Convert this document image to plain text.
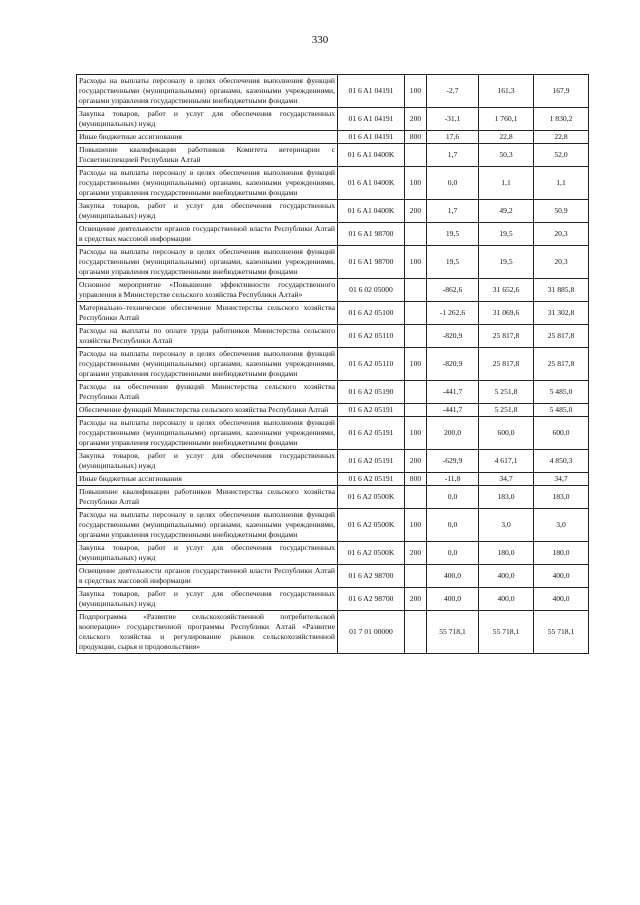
330
Расходы на выплаты персоналу в целях обеспечения выполнения функций государственными (муниципальными) органами, казенными учреждениями, органами управления государственными внебюджетными фондами	01 6 A1 04191	100	-2,7	161,3	167,9
Закупка товаров, работ и услуг для обеспечения государственных (муниципальных) нужд	01 6 A1 04191	200	-31,1	1 760,1	1 830,2
Иные бюджетные ассигнования	01 6 A1 04191	800	17,6	22,8	22,8
Повышение квалификации работников Комитета ветеринарии с Госветинспекцией Республики Алтай	01 6 A1 0400K		1,7	50,3	52,0
Расходы на выплаты персоналу в целях обеспечения выполнения функций государственными (муниципальными) органами, казенными учреждениями, органами управления государственными внебюджетными фондами	01 6 A1 0400K	100	0,0	1,1	1,1
Закупка товаров, работ и услуг для обеспечения государственных (муниципальных) нужд	01 6 A1 0400K	200	1,7	49,2	50,9
Освещение деятельности органов государственной власти Республики Алтай в средствах массовой информации	01 6 A1 98700		19,5	19,5	20,3
Расходы на выплаты персоналу в целях обеспечения выполнения функций государственными (муниципальными) органами, казенными учреждениями, органами управления государственными внебюджетными фондами	01 6 A1 98700	100	19,5	19,5	20,3
Основное мероприятие «Повышение эффективности государственного управления в Министерстве сельского хозяйства Республики Алтай»	01 6 02 05000		-862,6	31 652,6	31 885,8
Материально–техническое обеспечение Министерства сельского хозяйства Республики Алтай	01 6 A2 05100		-1 262,6	31 069,6	31 302,8
Расходы на выплаты по оплате труда работников Министерства сельского хозяйства Республики Алтай	01 6 A2 05110		-820,9	25 817,8	25 817,8
Расходы на выплаты персоналу в целях обеспечения выполнения функций государственными (муниципальными) органами, казенными учреждениями, органами управления государственными внебюджетными фондами	01 6 A2 05110	100	-820,9	25 817,8	25 817,8
Расходы на обеспечение функций Министерства сельского хозяйства Республики Алтай	01 6 A2 05190		-441,7	5 251,8	5 485,0
Обеспечение функций Министерства сельского хозяйства Республики Алтай	01 6 A2 05191		-441,7	5 251,8	5 485,0
Расходы на выплаты персоналу в целях обеспечения выполнения функций государственными (муниципальными) органами, казенными учреждениями, органами управления государственными внебюджетными фондами	01 6 A2 05191	100	200,0	600,0	600,0
Закупка товаров, работ и услуг для обеспечения государственных (муниципальных) нужд	01 6 A2 05191	200	-629,9	4 617,1	4 850,3
Иные бюджетные ассигнования	01 6 A2 05191	800	-11,8	34,7	34,7
Повышение квалификации работников Министерства сельского хозяйства Республики Алтай	01 6 A2 0500K		0,0	183,0	183,0
Расходы на выплаты персоналу в целях обеспечения выполнения функций государственными (муниципальными) органами, казенными учреждениями, органами управления государственными внебюджетными фондами	01 6 A2 0500K	100	0,0	3,0	3,0
Закупка товаров, работ и услуг для обеспечения государственных (муниципальных) нужд	01 6 A2 0500K	200	0,0	180,0	180,0
Освещение деятельности органов государственной власти Республики Алтай в средствах массовой информации	01 6 A2 98700		400,0	400,0	400,0
Закупка товаров, работ и услуг для обеспечения государственных (муниципальных) нужд	01 6 A2 98700	200	400,0	400,0	400,0
Подпрограмма «Развитие сельскохозяйственной потребительской кооперации» государственной программы Республики Алтай «Развитие сельского хозяйства и регулирование рынков сельскохозяйственной продукции, сырья и продовольствия»	01 7 01 00000		55 718,1	55 718,1	55 718,1
